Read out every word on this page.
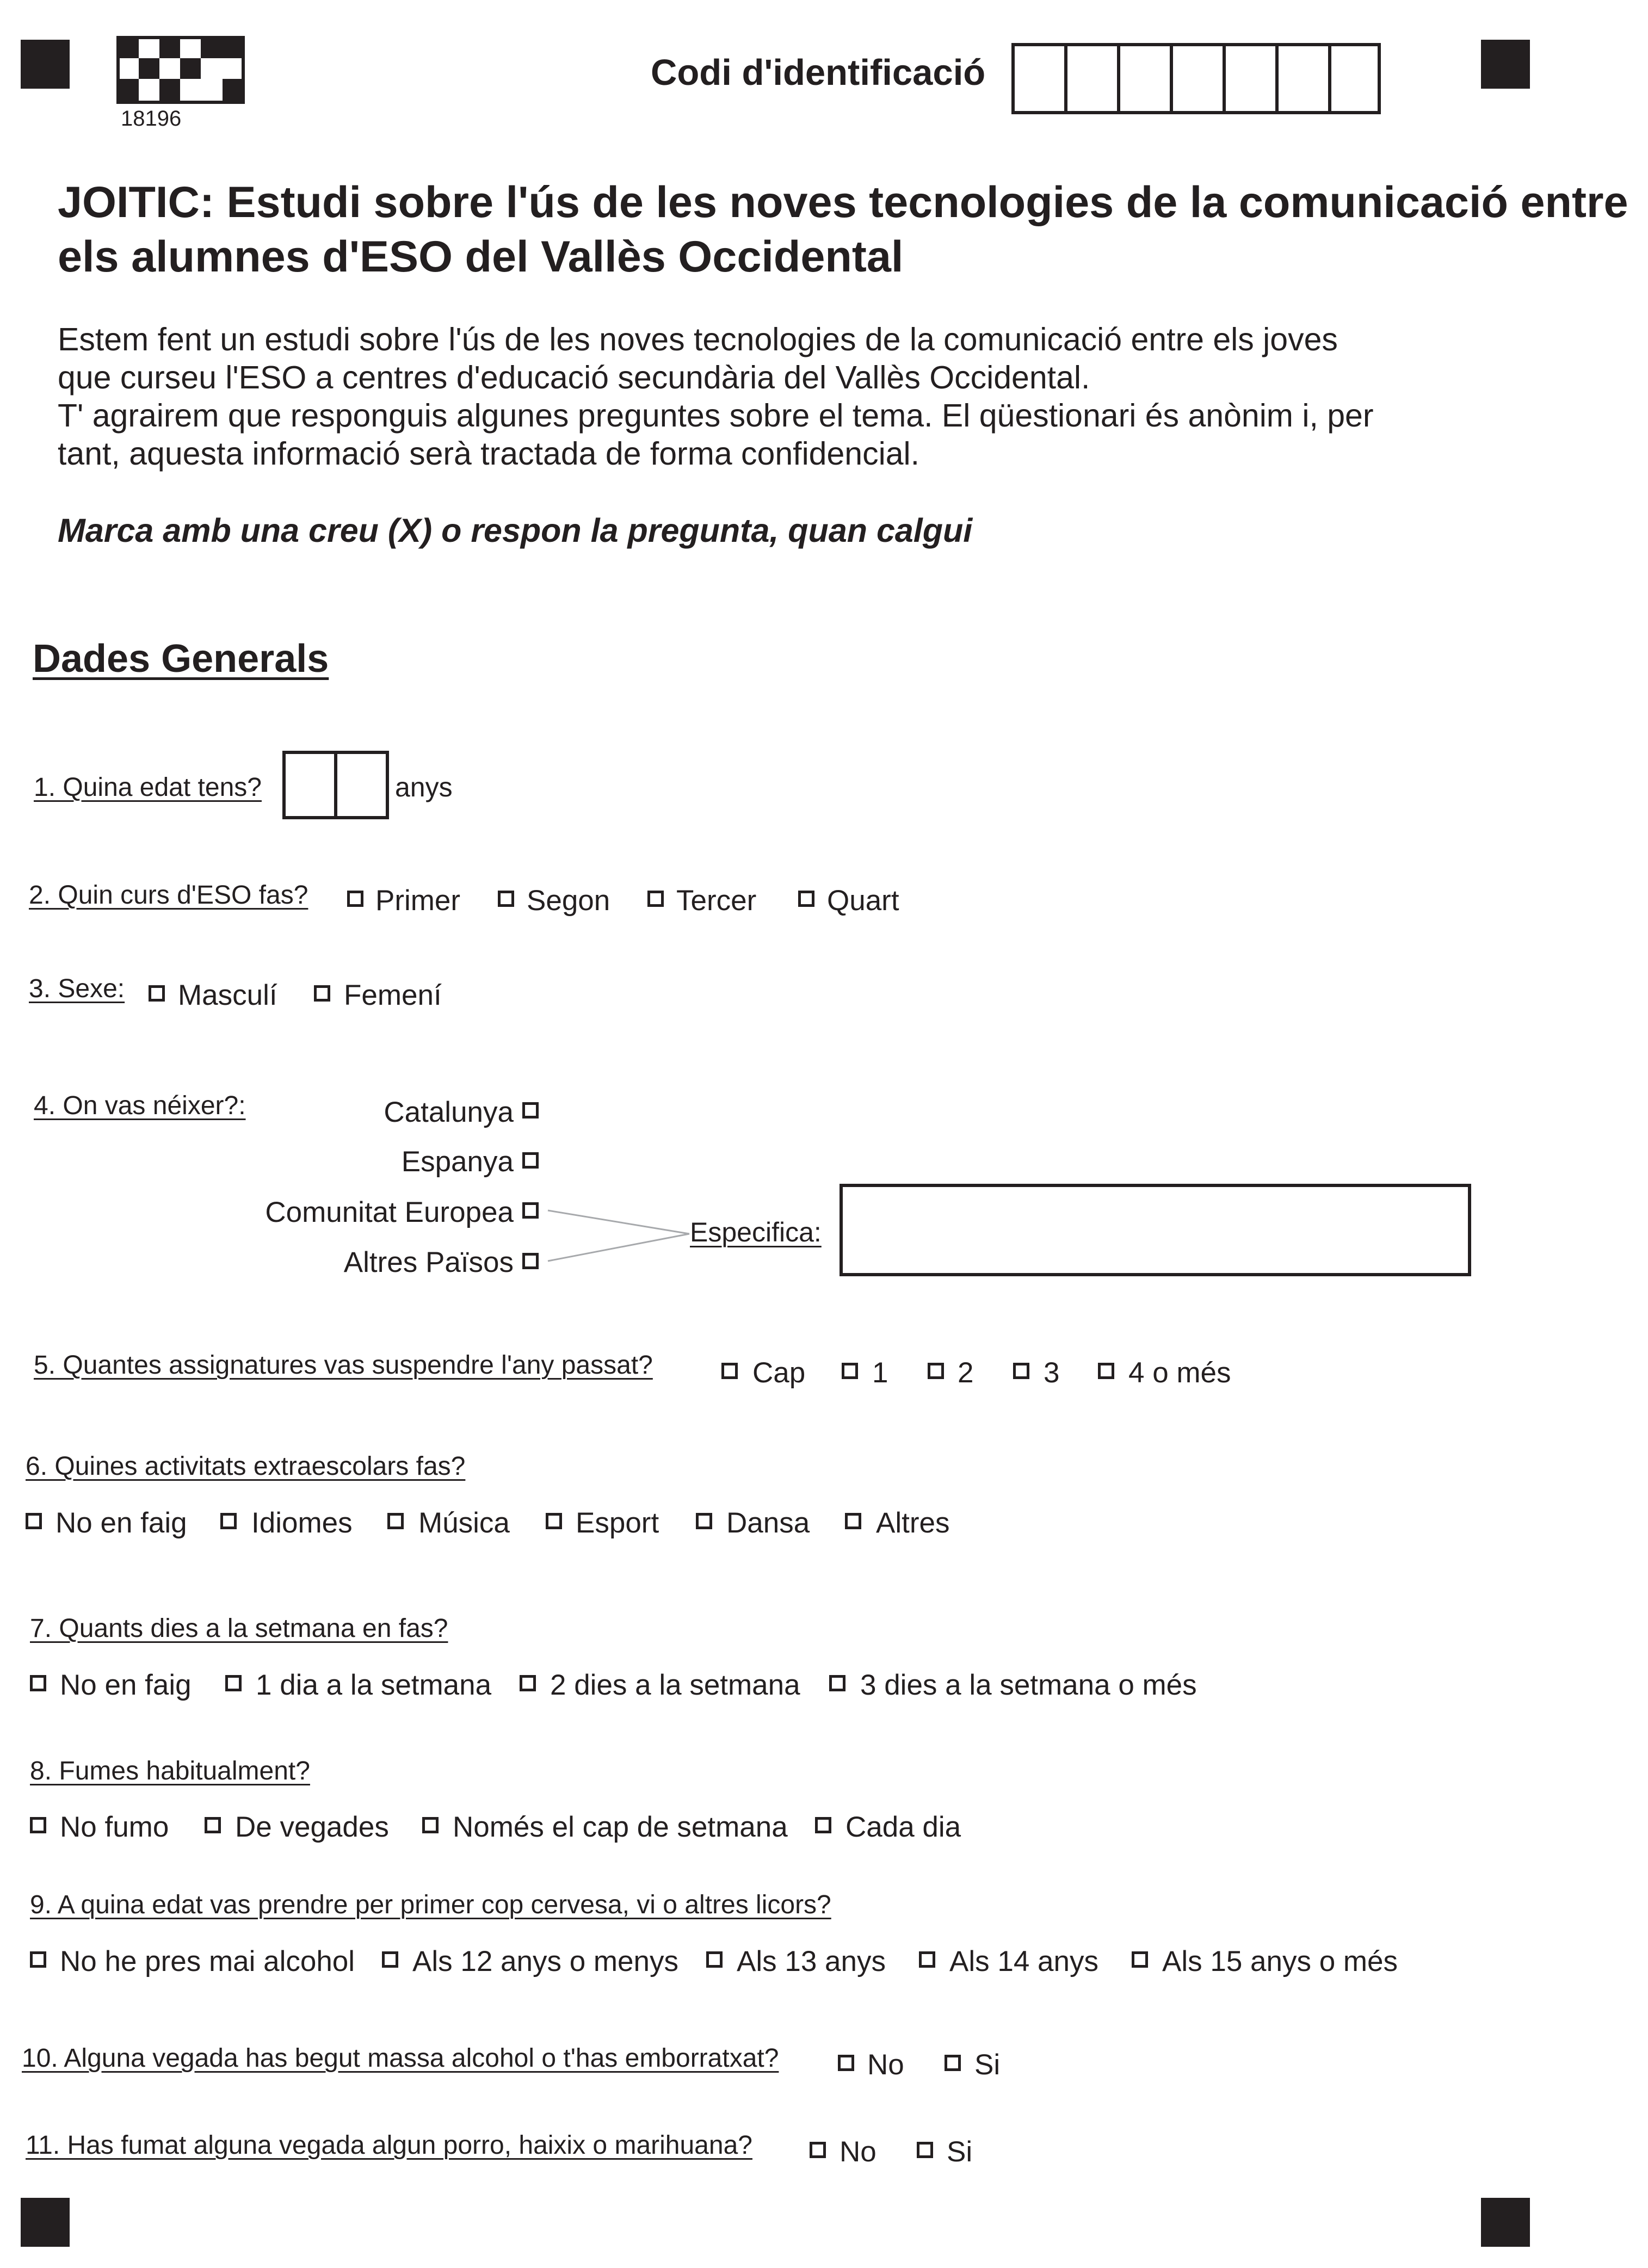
18196
Codi d'identificació
JOITIC: Estudi sobre l'ús de les noves tecnologies de la comunicació entre
els alumnes d'ESO del Vallès Occidental
Estem fent un estudi sobre l'ús de les noves tecnologies de la comunicació entre els joves
que curseu l'ESO a centres d'educació secundària del Vallès Occidental.
T' agrairem que responguis algunes preguntes sobre el tema. El qüestionari és anònim i, per
tant, aquesta informació serà tractada de forma confidencial.
Marca amb una creu (X) o respon la pregunta, quan calgui
Dades Generals
1. Quina edat tens?	anys
2. Quin curs d'ESO fas? Primer Segon Tercer Quart
3. Sexe: Masculí Femení
4. On vas néixer?:	Catalunya
Espanya
Comunitat Europea
Altres Països
Especifica:
5. Quantes assignatures vas suspendre l'any passat?	Cap 1 2 3 4 o més
6. Quines activitats extraescolars fas?
No en faig Idiomes Música Esport Dansa Altres
7. Quants dies a la setmana en fas?
No en faig 1 dia a la setmana 2 dies a la setmana 3 dies a la setmana o més
8. Fumes habitualment?
No fumo De vegades Només el cap de setmana Cada dia
9. A quina edat vas prendre per primer cop cervesa, vi o altres licors?
No he pres mai alcohol Als 12 anys o menys Als 13 anys Als 14 anys Als 15 anys o més
10. Alguna vegada has begut massa alcohol o t'has emborratxat?	No Si
11. Has fumat alguna vegada algun porro, haixix o marihuana?	No Si
